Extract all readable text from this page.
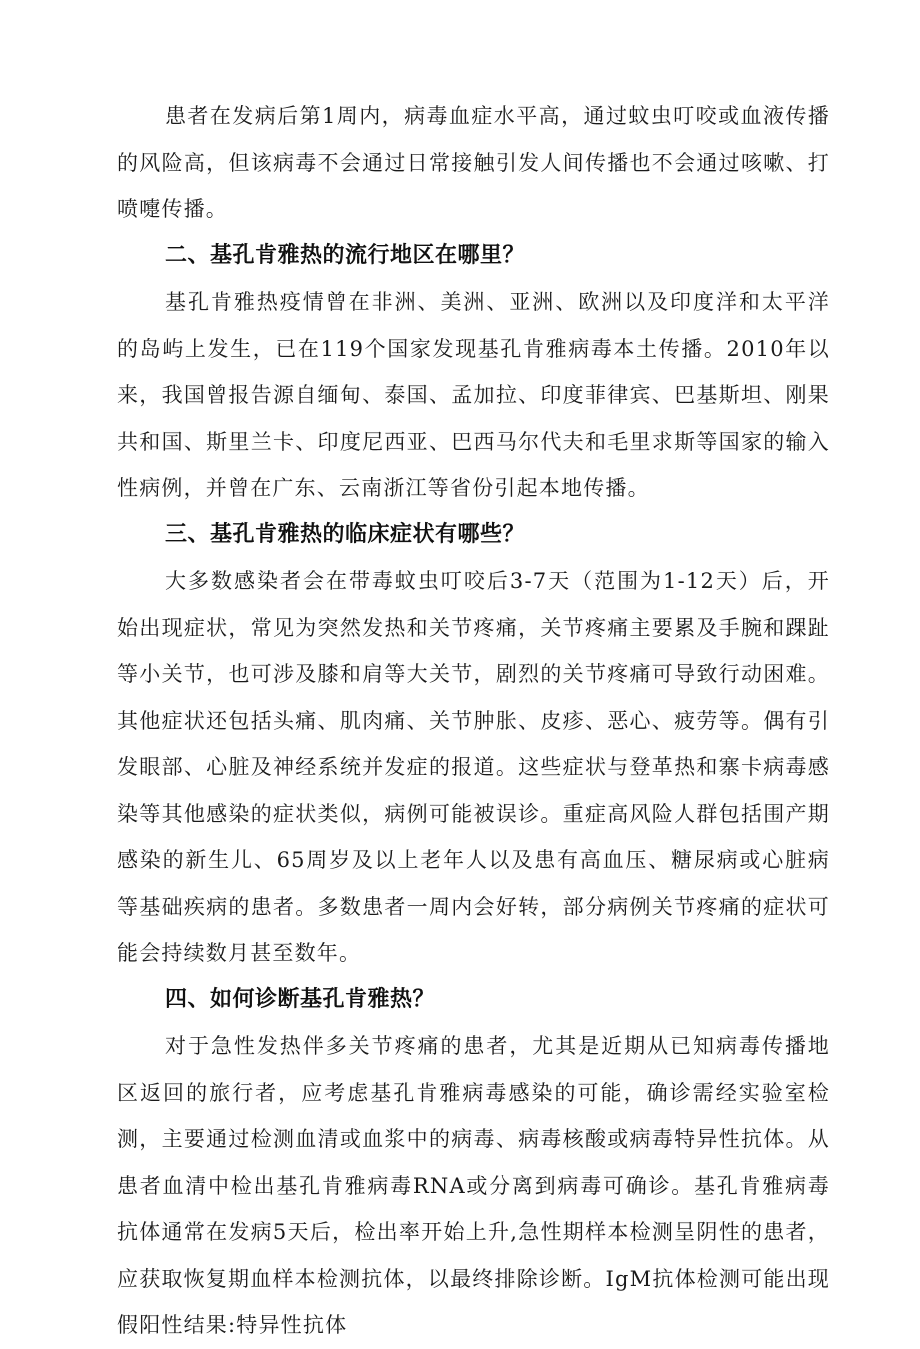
患者在发病后第1周内，病毒血症水平高，通过蚊虫叮咬或血液传播的风险高，但该病毒不会通过日常接触引发人间传播也不会通过咳嗽、打喷嚏传播。

二、基孔肯雅热的流行地区在哪里？

基孔肯雅热疫情曾在非洲、美洲、亚洲、欧洲以及印度洋和太平洋的岛屿上发生，已在119个国家发现基孔肯雅病毒本土传播。2010年以来，我国曾报告源自缅甸、泰国、孟加拉、印度菲律宾、巴基斯坦、刚果共和国、斯里兰卡、印度尼西亚、巴西马尔代夫和毛里求斯等国家的输入性病例，并曾在广东、云南浙江等省份引起本地传播。

三、基孔肯雅热的临床症状有哪些？

大多数感染者会在带毒蚊虫叮咬后3-7天（范围为1-12天）后，开始出现症状，常见为突然发热和关节疼痛，关节疼痛主要累及手腕和踝趾等小关节，也可涉及膝和肩等大关节，剧烈的关节疼痛可导致行动困难。其他症状还包括头痛、肌肉痛、关节肿胀、皮疹、恶心、疲劳等。偶有引发眼部、心脏及神经系统并发症的报道。这些症状与登革热和寨卡病毒感染等其他感染的症状类似，病例可能被误诊。重症高风险人群包括围产期感染的新生儿、65周岁及以上老年人以及患有高血压、糖尿病或心脏病等基础疾病的患者。多数患者一周内会好转，部分病例关节疼痛的症状可能会持续数月甚至数年。

四、如何诊断基孔肯雅热？

对于急性发热伴多关节疼痛的患者，尤其是近期从已知病毒传播地区返回的旅行者，应考虑基孔肯雅病毒感染的可能，确诊需经实验室检测，主要通过检测血清或血浆中的病毒、病毒核酸或病毒特异性抗体。从患者血清中检出基孔肯雅病毒RNA或分离到病毒可确诊。基孔肯雅病毒抗体通常在发病5天后，检出率开始上升,急性期样本检测呈阴性的患者，应获取恢复期血样本检测抗体，以最终排除诊断。IgM抗体检测可能出现假阳性结果:特异性抗体
